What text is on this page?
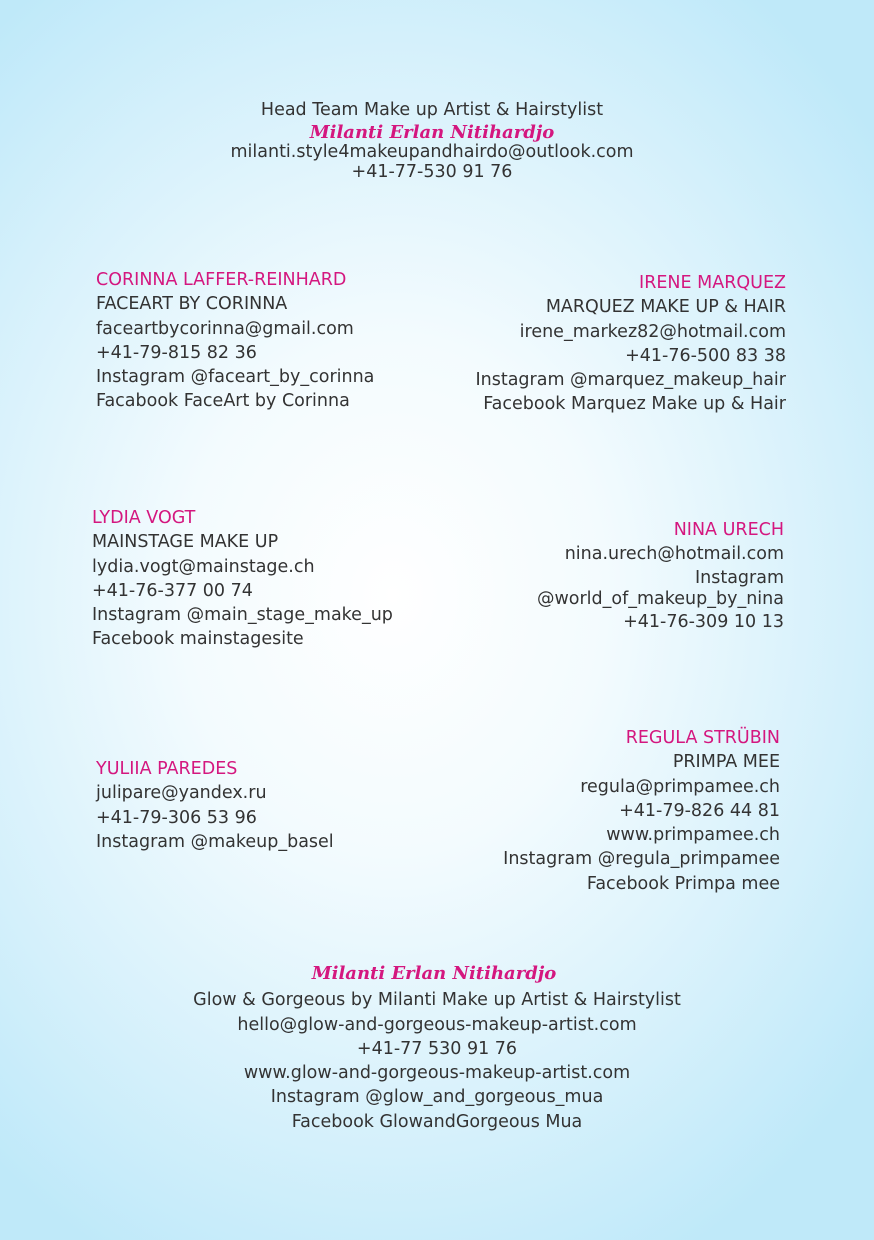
Head Team Make up Artist & Hairstylist
Milanti Erlan Nitihardjo
milanti.style4makeupandhairdo@outlook.com
+41-77-530 91 76
CORINNA LAFFER-REINHARD
FACEART BY CORINNA
faceartbycorinna@gmail.com
+41-79-815 82 36
Instagram @faceart_by_corinna
Facabook FaceArt by Corinna
IRENE MARQUEZ
MARQUEZ MAKE UP & HAIR
irene_markez82@hotmail.com
+41-76-500 83 38
Instagram @marquez_makeup_hair
Facebook Marquez Make up & Hair
LYDIA VOGT
MAINSTAGE MAKE UP
lydia.vogt@mainstage.ch
+41-76-377 00 74
Instagram @main_stage_make_up
Facebook mainstagesite
NINA URECH
nina.urech@hotmail.com
Instagram
@world_of_makeup_by_nina
+41-76-309 10 13
YULIIA PAREDES
julipare@yandex.ru
+41-79-306 53 96
Instagram @makeup_basel
REGULA STRÜBIN
PRIMPA MEE
regula@primpamee.ch
+41-79-826 44 81
www.primpamee.ch
Instagram @regula_primpamee
Facebook Primpa mee
Milanti Erlan Nitihardjo
Glow & Gorgeous by Milanti Make up Artist & Hairstylist
hello@glow-and-gorgeous-makeup-artist.com
+41-77 530 91 76
www.glow-and-gorgeous-makeup-artist.com
Instagram @glow_and_gorgeous_mua
Facebook GlowandGorgeous Mua
